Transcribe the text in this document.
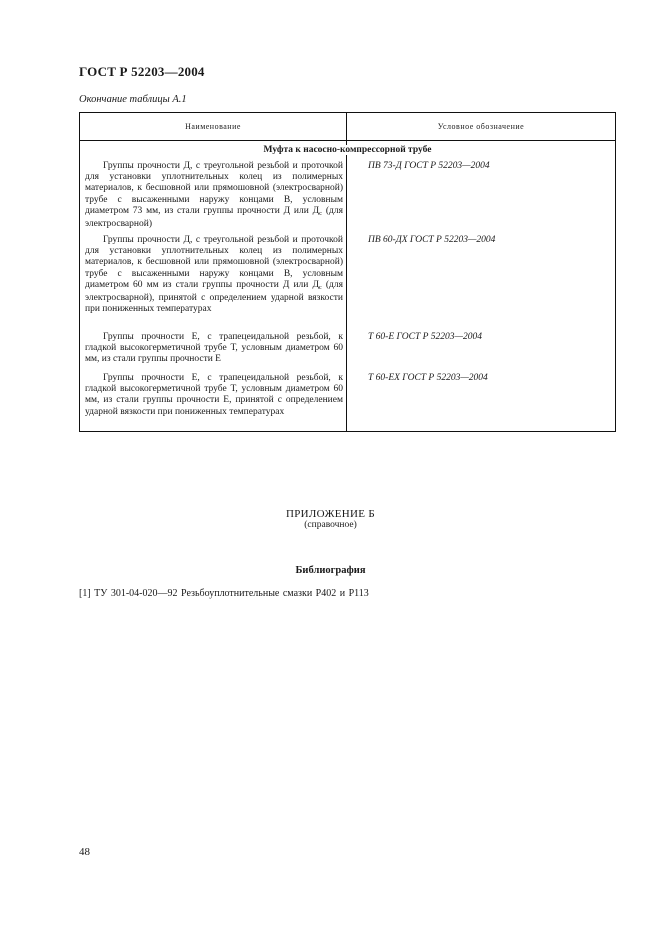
ГОСТ Р 52203—2004
Окончание таблицы А.1
Наименование	Условное обозначение
Муфта к насосно-компрессорной трубе
Группы прочности Д, с треугольной резьбой и проточкой для установки уплотнительных колец из полимерных материалов, к бесшовной или прямошовной (электросварной) трубе с высаженными наружу концами В, условным диаметром 73 мм, из стали группы прочности Д или $Д_с$ (для электросварной)
ПВ 73-Д ГОСТ Р 52203—2004
Группы прочности Д, с треугольной резьбой и проточкой для установки уплотнительных колец из полимерных материалов, к бесшовной или прямошовной (электросварной) трубе с высаженными наружу концами В, условным диаметром 60 мм из стали группы прочности Д или $Д_с$ (для электросварной), принятой с определением ударной вязкости при пониженных температурах
ПВ 60-ДХ ГОСТ Р 52203—2004
Группы прочности Е, с трапецеидальной резьбой, к гладкой высокогерметичной трубе Т, условным диаметром 60 мм, из стали группы прочности Е
Т 60-Е ГОСТ Р 52203—2004
Группы прочности Е, с трапецеидальной резьбой, к гладкой высокогерметичной трубе Т, условным диаметром 60 мм, из стали группы прочности Е, принятой с определением ударной вязкости при пониженных температурах
Т 60-ЕХ ГОСТ Р 52203—2004
ПРИЛОЖЕНИЕ Б
(справочное)
Библиография
[1] ТУ 301-04-020—92 Резьбоуплотнительные смазки Р402 и Р113
48
